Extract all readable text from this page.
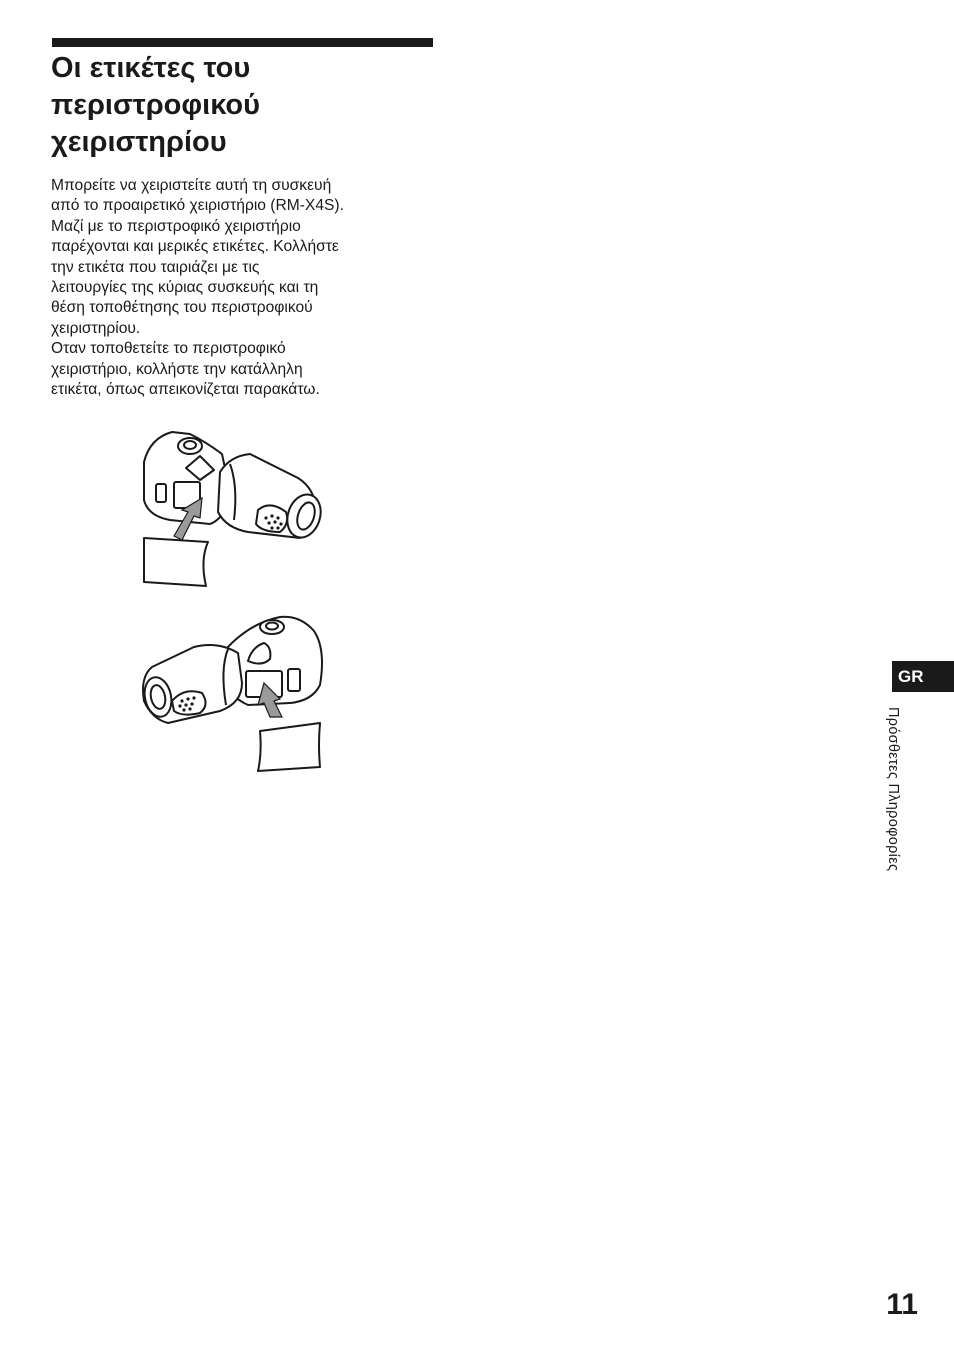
Οι ετικέτες του
περιστροφικού
χειριστηρίου
Μπορείτε να χειριστείτε αυτή τη συσκευή
από το προαιρετικό χειριστήριο (RM-X4S).
Μαζί με το περιστροφικό χειριστήριο
παρέχονται και μερικές ετικέτες. Κολλήστε
την ετικέτα που ταιριάζει με τις
λειτουργίες της κύριας συσκευής και τη
θέση τοποθέτησης του περιστροφικού
χειριστηρίου.
Οταν τοποθετείτε το περιστροφικό
χειριστήριο, κολλήστε την κατάλληλη
ετικέτα, όπως απεικονίζεται παρακάτω.
GR
Πρόσθετες Πληροφορίες
11
